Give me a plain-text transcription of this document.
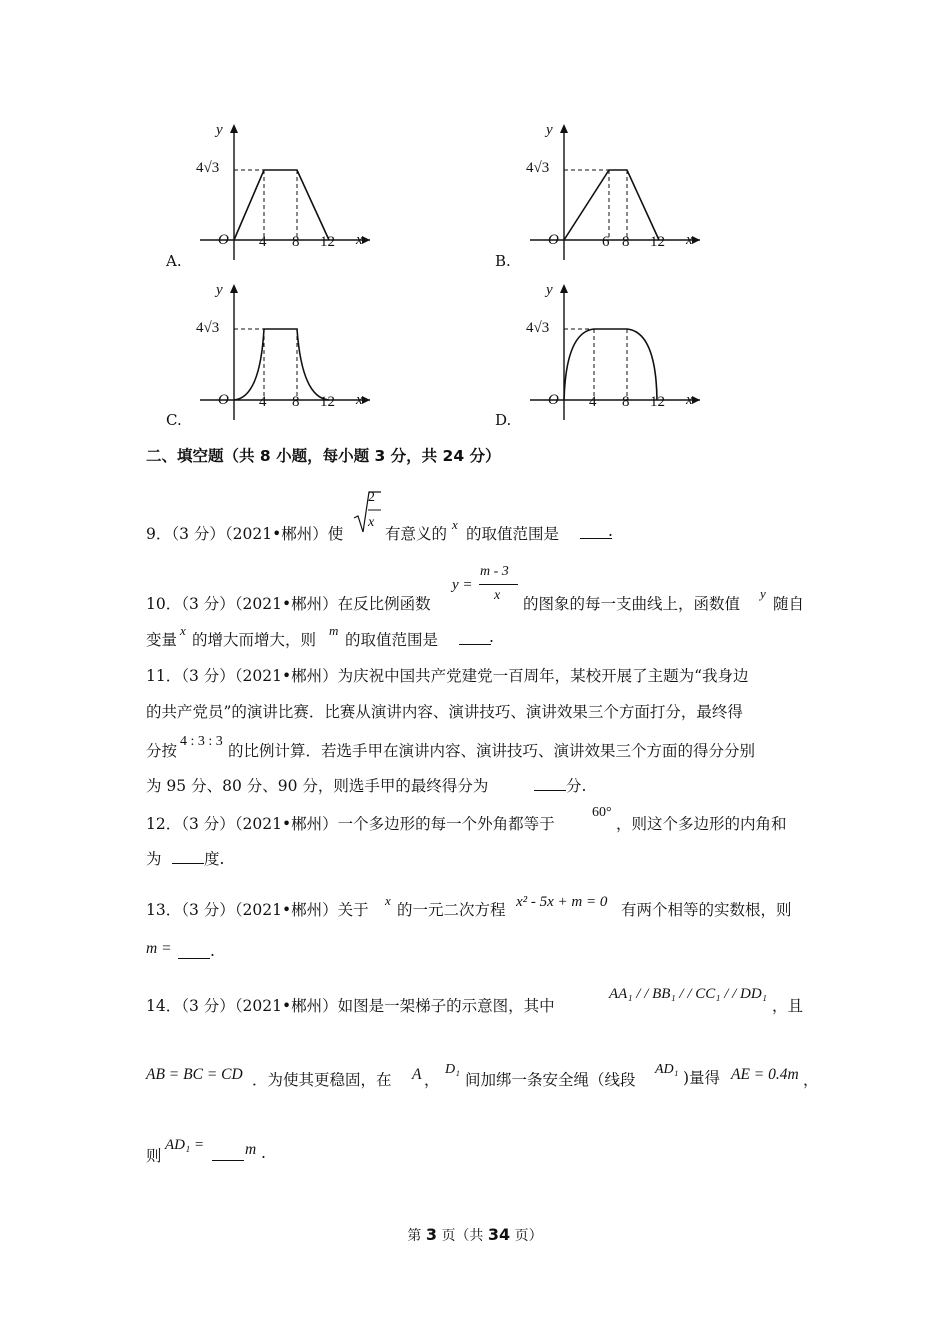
y
x
O
4√3
4 8 12
A.
y
x
O
4√3
6 8 12
B.
y
x
O
4√3
4 8 12
C.
y
x
O
4√3
4 8 12
D.
二、填空题（共 8 小题，每小题 3 分，共 24 分）
9．（3 分）（2021•郴州）使
2
x
有意义的
x
的取值范围是	.
10．（3 分）（2021•郴州）在反比例函数
y =
m - 3
x 的图象的每一支曲线上，函数值
y
随自
变量
x
的增大而增大，则
m
的取值范围是	.
11．（3 分）（2021•郴州）为庆祝中国共产党建党一百周年，某校开展了主题为“我身边
的共产党员”的演讲比赛．比赛从演讲内容、演讲技巧、演讲效果三个方面打分，最终得
分按
4 : 3 : 3
的比例计算．若选手甲在演讲内容、演讲技巧、演讲效果三个方面的得分分别
为 95 分、80 分、90 分，则选手甲的最终得分为	分.
12．（3 分）（2021•郴州）一个多边形的每一个外角都等于
60°
，则这个多边形的内角和
为	度.
13．（3 分）（2021•郴州）关于
x
的一元二次方程 x² - 5x + m = 0 有两个相等的实数根，则
m = .
14．（3 分）（2021•郴州）如图是一架梯子的示意图，其中
AA₁ / / BB₁ / / CC₁ / / DD₁
，且
AB = BC = CD ．为使其更稳固，在 A ，
D₁
间加绑一条安全绳（线段
AD₁ )量得 AE = 0.4m ，
则
AD₁ =	m .
第 3 页（共 34 页）
